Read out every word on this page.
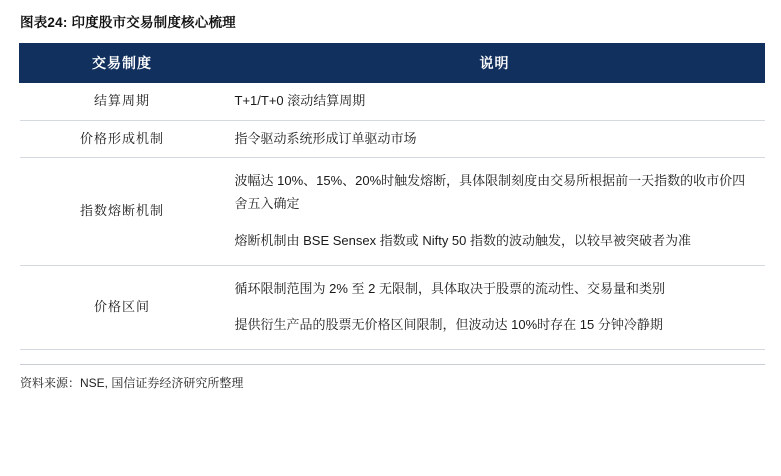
图表24: 印度股市交易制度核心梳理
交易制度	说明
结算周期	T+1/T+0 滚动结算周期

价格形成机制	指令驱动系统形成订单驱动市场

指数熔断机制	波幅达 10%、15%、20%时触发熔断，具体限制刻度由交易所根据前一天指数的收市价四舍五入确定

熔断机制由 BSE Sensex 指数或 Nifty 50 指数的波动触发，以较早被突破者为准

价格区间	循环限制范围为 2% 至 2 无限制，具体取决于股票的流动性、交易量和类别

提供衍生产品的股票无价格区间限制，但波动达 10%时存在 15 分钟冷静期

资料来源：NSE, 国信证券经济研究所整理
